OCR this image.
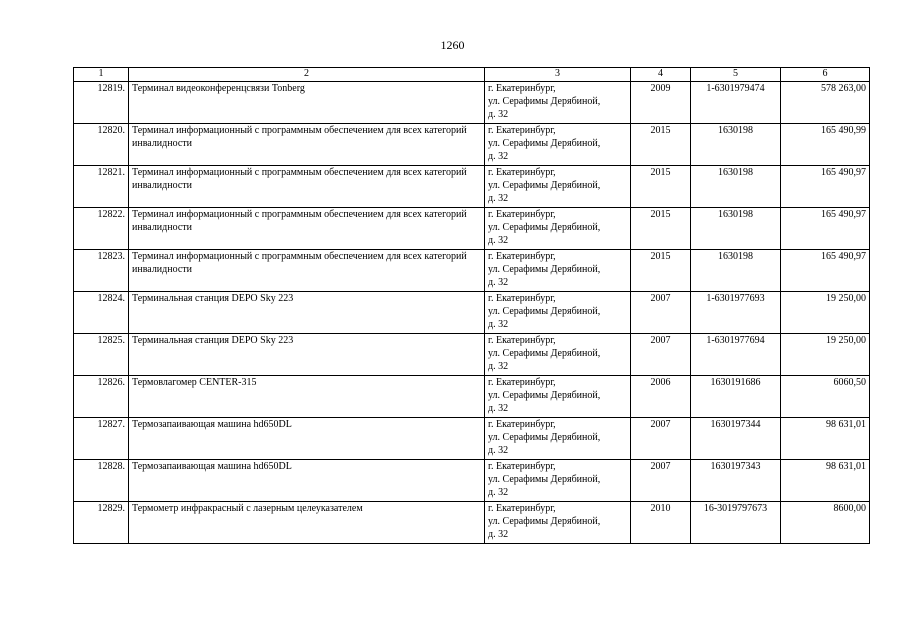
1260
1	2	3	4	5	6
12819.	Терминал видеоконференцсвязи Tonberg	г. Екатеринбург,
ул. Серафимы Дерябиной,
д. 32	2009	1-6301979474	578 263,00
12820.	Терминал информационный с программным обеспечением для всех категорий инвалидности	г. Екатеринбург,
ул. Серафимы Дерябиной,
д. 32	2015	1630198	165 490,99
12821.	Терминал информационный с программным обеспечением для всех категорий инвалидности	г. Екатеринбург,
ул. Серафимы Дерябиной,
д. 32	2015	1630198	165 490,97
12822.	Терминал информационный с программным обеспечением для всех категорий инвалидности	г. Екатеринбург,
ул. Серафимы Дерябиной,
д. 32	2015	1630198	165 490,97
12823.	Терминал информационный с программным обеспечением для всех категорий инвалидности	г. Екатеринбург,
ул. Серафимы Дерябиной,
д. 32	2015	1630198	165 490,97
12824.	Терминальная станция DEPO Sky 223	г. Екатеринбург,
ул. Серафимы Дерябиной,
д. 32	2007	1-6301977693	19 250,00
12825.	Терминальная станция DEPO Sky 223	г. Екатеринбург,
ул. Серафимы Дерябиной,
д. 32	2007	1-6301977694	19 250,00
12826.	Термовлагомер CENTER-315	г. Екатеринбург,
ул. Серафимы Дерябиной,
д. 32	2006	1630191686	6060,50
12827.	Термозапаивающая машина hd650DL	г. Екатеринбург,
ул. Серафимы Дерябиной,
д. 32	2007	1630197344	98 631,01
12828.	Термозапаивающая машина hd650DL	г. Екатеринбург,
ул. Серафимы Дерябиной,
д. 32	2007	1630197343	98 631,01
12829.	Термометр инфракрасный с лазерным целеуказателем	г. Екатеринбург,
ул. Серафимы Дерябиной,
д. 32	2010	16-3019797673	8600,00
